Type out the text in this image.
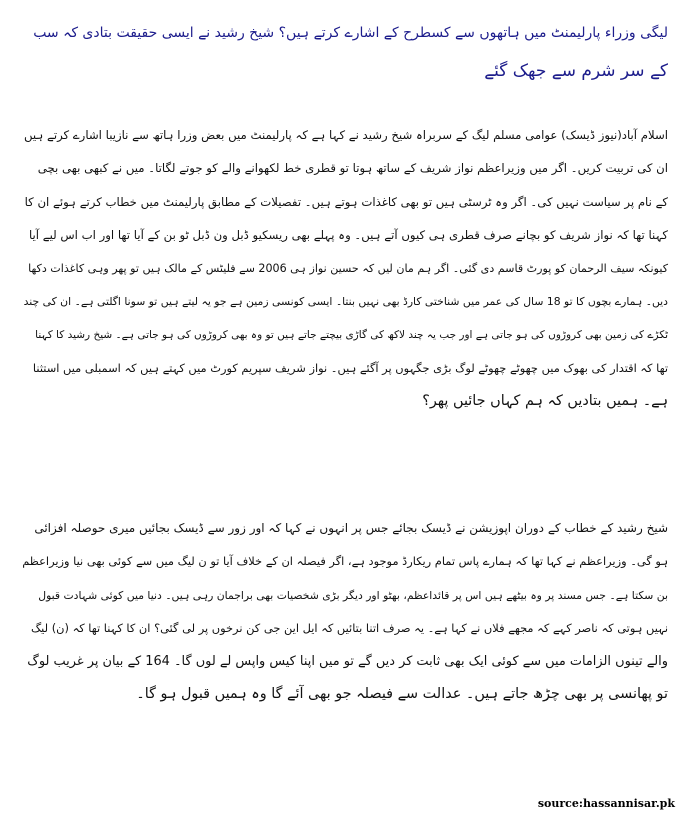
لیگی وزراء پارلیمنٹ میں ہاتھوں سے کسطرح کے اشارے کرتے ہیں؟ شیخ رشید نے ایسی حقیقت بتادی کہ سب
کے سر شرم سے جھک گئے
اسلام آباد(نیوز ڈیسک) عوامی مسلم لیگ کے سربراہ شیخ رشید نے کہا ہے کہ پارلیمنٹ میں بعض وزرا ہاتھ سے نازیبا اشارے کرتے ہیں
ان کی تربیت کریں۔ اگر میں وزیراعظم نواز شریف کے ساتھ ہوتا تو قطری خط لکھوانے والے کو جوتے لگاتا۔ میں نے کبھی بھی بچی
کے نام پر سیاست نہیں کی۔ اگر وہ ٹرسٹی ہیں تو بھی کاغذات ہوتے ہیں۔ تفصیلات کے مطابق پارلیمنٹ میں خطاب کرتے ہوئے ان کا
کہنا تھا کہ نواز شریف کو بچانے صرف قطری ہی کیوں آتے ہیں۔ وہ پہلے بھی ریسکیو ڈبل ون ڈبل ٹو بن کے آیا تھا اور اب اس لیے آیا
کیونکہ سیف الرحمان کو پورٹ قاسم دی گئی۔ اگر ہم مان لیں کہ حسین نواز ہی 2006 سے فلیٹس کے مالک ہیں تو پھر وہی کاغذات دکھا
دیں۔ ہمارے بچوں کا تو 18 سال کی عمر میں شناختی کارڈ بھی نہیں بنتا۔ ایسی کونسی زمین ہے جو یہ لیتے ہیں تو سونا اگلتی ہے۔ ان کی چند
ٹکڑے کی زمین بھی کروڑوں کی ہو جاتی ہے اور جب یہ چند لاکھ کی گاڑی بیچتے جاتے ہیں تو وہ بھی کروڑوں کی ہو جاتی ہے۔ شیخ رشید کا کہنا
تھا کہ اقتدار کی بھوک میں چھوٹے چھوٹے لوگ بڑی جگہوں پر آگئے ہیں۔ نواز شریف سپریم کورٹ میں کہتے ہیں کہ اسمبلی میں استثنا
ہے۔ ہمیں بتادیں کہ ہم کہاں جائیں پھر؟
شیخ رشید کے خطاب کے دوران اپوزیشن نے ڈیسک بجائے جس پر انہوں نے کہا کہ اور زور سے ڈیسک بجائیں میری حوصلہ افزائی
ہو گی۔ وزیراعظم نے کہا تھا کہ ہمارے پاس تمام ریکارڈ موجود ہے، اگر فیصلہ ان کے خلاف آیا تو ن لیگ میں سے کوئی بھی نیا وزیراعظم
بن سکتا ہے۔ جس مسند پر وہ بیٹھے ہیں اس پر قائداعظم، بھٹو اور دیگر بڑی شخصیات بھی براجمان رہی ہیں۔ دنیا میں کوئی شہادت قبول
نہیں ہوتی کہ ناصر کہے کہ مجھے فلاں نے کہا ہے۔ یہ صرف اتنا بتائیں کہ ایل این جی کن نرخوں پر لی گئی؟ ان کا کہنا تھا کہ (ن) لیگ
والے تینوں الزامات میں سے کوئی ایک بھی ثابت کر دیں گے تو میں اپنا کیس واپس لے لوں گا۔ 164 کے بیان پر غریب لوگ
تو پھانسی پر بھی چڑھ جاتے ہیں۔ عدالت سے فیصلہ جو بھی آئے گا وہ ہمیں قبول ہو گا۔
source:hassannisar.pk
